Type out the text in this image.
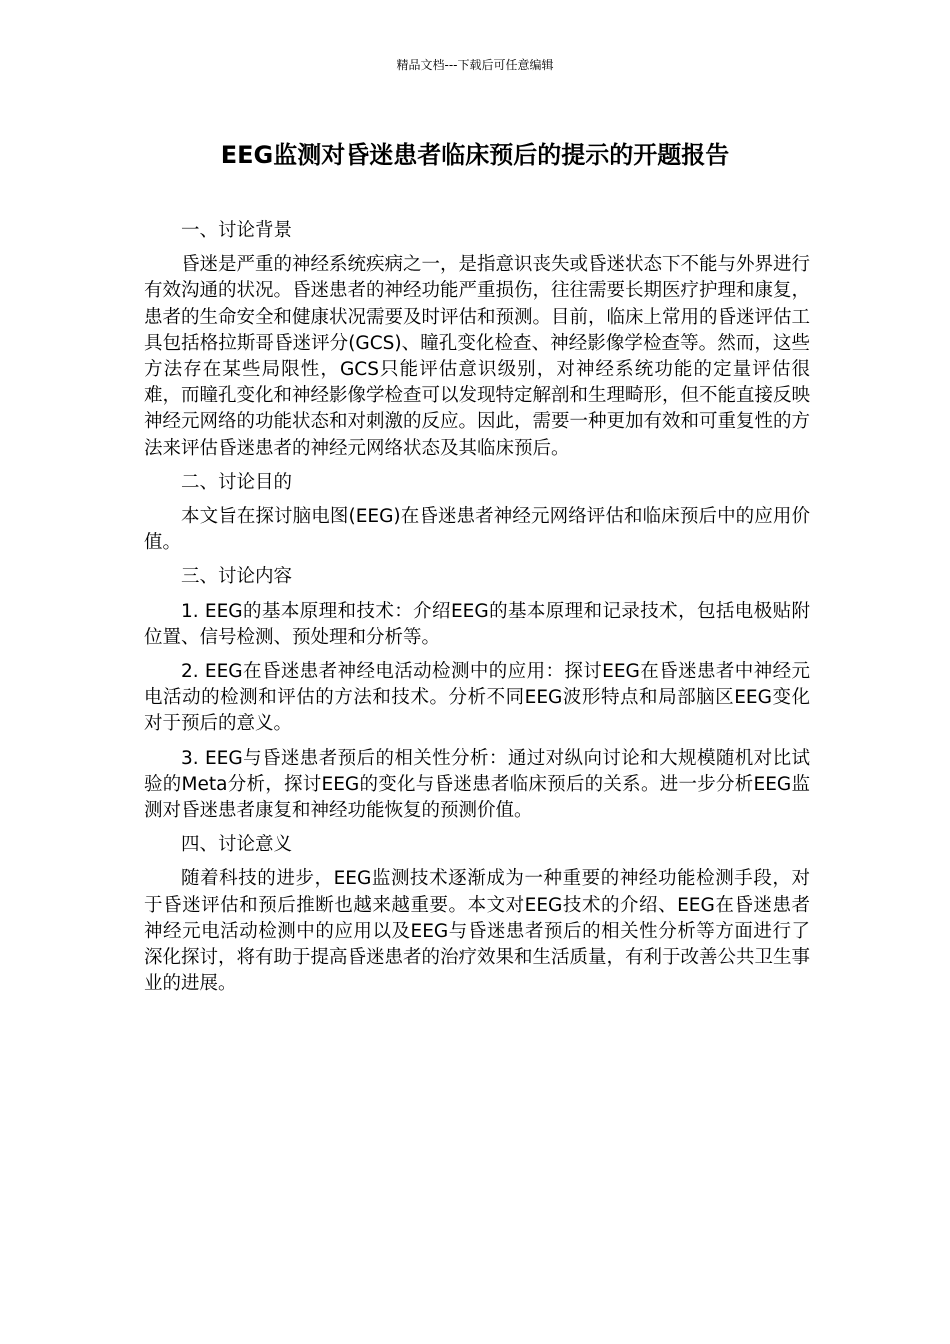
精品文档---下载后可任意编辑
EEG监测对昏迷患者临床预后的提示的开题报告
一、讨论背景

昏迷是严重的神经系统疾病之一，是指意识丧失或昏迷状态下不能与外界进行有效沟通的状况。昏迷患者的神经功能严重损伤，往往需要长期医疗护理和康复，患者的生命安全和健康状况需要及时评估和预测。目前，临床上常用的昏迷评估工具包括格拉斯哥昏迷评分(GCS)、瞳孔变化检查、神经影像学检查等。然而，这些方法存在某些局限性，GCS只能评估意识级别，对神经系统功能的定量评估很难，而瞳孔变化和神经影像学检查可以发现特定解剖和生理畸形，但不能直接反映神经元网络的功能状态和对刺激的反应。因此，需要一种更加有效和可重复性的方法来评估昏迷患者的神经元网络状态及其临床预后。

二、讨论目的

本文旨在探讨脑电图(EEG)在昏迷患者神经元网络评估和临床预后中的应用价值。

三、讨论内容

1. EEG的基本原理和技术：介绍EEG的基本原理和记录技术，包括电极贴附位置、信号检测、预处理和分析等。

2. EEG在昏迷患者神经电活动检测中的应用：探讨EEG在昏迷患者中神经元电活动的检测和评估的方法和技术。分析不同EEG波形特点和局部脑区EEG变化对于预后的意义。

3. EEG与昏迷患者预后的相关性分析：通过对纵向讨论和大规模随机对比试验的Meta分析，探讨EEG的变化与昏迷患者临床预后的关系。进一步分析EEG监测对昏迷患者康复和神经功能恢复的预测价值。

四、讨论意义

随着科技的进步，EEG监测技术逐渐成为一种重要的神经功能检测手段，对于昏迷评估和预后推断也越来越重要。本文对EEG技术的介绍、EEG在昏迷患者神经元电活动检测中的应用以及EEG与昏迷患者预后的相关性分析等方面进行了深化探讨，将有助于提高昏迷患者的治疗效果和生活质量，有利于改善公共卫生事业的进展。
